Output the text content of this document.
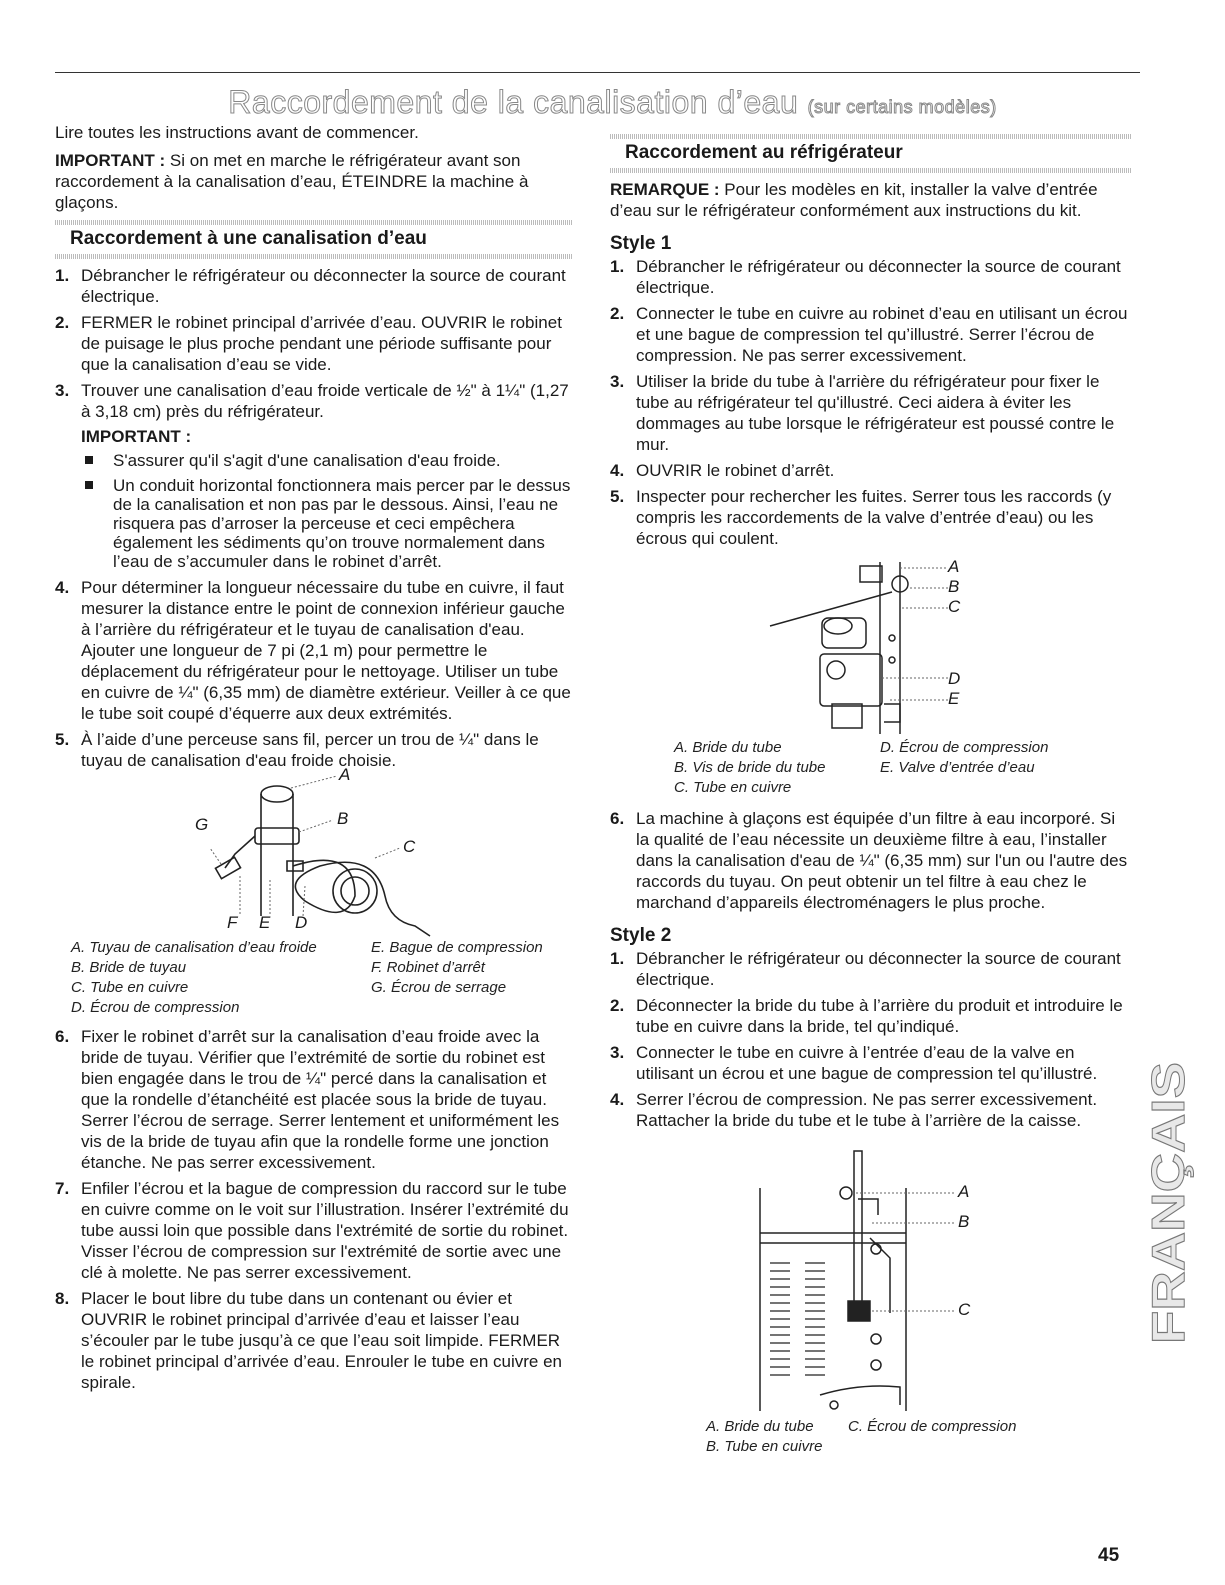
Raccordement de la canalisation d’eau (sur certains modèles)

Lire toutes les instructions avant de commencer.

IMPORTANT : Si on met en marche le réfrigérateur avant son raccordement à la canalisation d’eau, ÉTEINDRE la machine à glaçons.

Raccordement à une canalisation d’eau
1. Débrancher le réfrigérateur ou déconnecter la source de courant électrique.
2. FERMER le robinet principal d’arrivée d’eau. OUVRIR le robinet de puisage le plus proche pendant une période suffisante pour que la canalisation d’eau se vide.
3. Trouver une canalisation d’eau froide verticale de ½" à 1¼" (1,27 à 3,18 cm) près du réfrigérateur.
IMPORTANT :
S'assurer qu'il s'agit d'une canalisation d'eau froide.
Un conduit horizontal fonctionnera mais percer par le dessus de la canalisation et non pas par le dessous. Ainsi, l’eau ne risquera pas d’arroser la perceuse et ceci empêchera également les sédiments qu’on trouve normalement dans l’eau de s’accumuler dans le robinet d’arrêt.
4. Pour déterminer la longueur nécessaire du tube en cuivre, il faut mesurer la distance entre le point de connexion inférieur gauche à l’arrière du réfrigérateur et le tuyau de canalisation d'eau. Ajouter une longueur de 7 pi (2,1 m) pour permettre le déplacement du réfrigérateur pour le nettoyage. Utiliser un tube en cuivre de ¼" (6,35 mm) de diamètre extérieur. Veiller à ce que le tube soit coupé d’équerre aux deux extrémités.
5. À l’aide d’une perceuse sans fil, percer un trou de ¼" dans le tuyau de canalisation d'eau froide choisie.
A
B
C
G
F E D
A. Tuyau de canalisation d’eau froide	E. Bague de compression
B. Bride de tuyau	F. Robinet d’arrêt
C. Tube en cuivre	G. Écrou de serrage
D. Écrou de compression	
6. Fixer le robinet d’arrêt sur la canalisation d’eau froide avec la bride de tuyau. Vérifier que l’extrémité de sortie du robinet est bien engagée dans le trou de ¼" percé dans la canalisation et que la rondelle d’étanchéité est placée sous la bride de tuyau. Serrer l’écrou de serrage. Serrer lentement et uniformément les vis de la bride de tuyau afin que la rondelle forme une jonction étanche. Ne pas serrer excessivement.
7. Enfiler l’écrou et la bague de compression du raccord sur le tube en cuivre comme on le voit sur l’illustration. Insérer l’extrémité du tube aussi loin que possible dans l'extrémité de sortie du robinet. Visser l’écrou de compression sur l'extrémité de sortie avec une clé à molette. Ne pas serrer excessivement.
8. Placer le bout libre du tube dans un contenant ou évier et OUVRIR le robinet principal d’arrivée d’eau et laisser l’eau s’écouler par le tube jusqu’à ce que l’eau soit limpide. FERMER le robinet principal d’arrivée d’eau. Enrouler le tube en cuivre en spirale.
Raccordement au réfrigérateur

REMARQUE : Pour les modèles en kit, installer la valve d’entrée d’eau sur le réfrigérateur conformément aux instructions du kit.

Style 1
1. Débrancher le réfrigérateur ou déconnecter la source de courant électrique.
2. Connecter le tube en cuivre au robinet d’eau en utilisant un écrou et une bague de compression tel qu’illustré. Serrer l’écrou de compression. Ne pas serrer excessivement.
3. Utiliser la bride du tube à l'arrière du réfrigérateur pour fixer le tube au réfrigérateur tel qu'illustré. Ceci aidera à éviter les dommages au tube lorsque le réfrigérateur est poussé contre le mur.
4. OUVRIR le robinet d’arrêt.
5. Inspecter pour rechercher les fuites. Serrer tous les raccords (y compris les raccordements de la valve d’entrée d’eau) ou les écrous qui coulent.
A
B
C
D
E
A. Bride du tube	D. Écrou de compression
B. Vis de bride du tube	E. Valve d’entrée d’eau
C. Tube en cuivre	
6. La machine à glaçons est équipée d’un filtre à eau incorporé. Si la qualité de l’eau nécessite un deuxième filtre à eau, l’installer dans la canalisation d'eau de ¼" (6,35 mm) sur l'un ou l'autre des raccords du tuyau. On peut obtenir un tel filtre à eau chez le marchand d’appareils électroménagers le plus proche.
Style 2
1. Débrancher le réfrigérateur ou déconnecter la source de courant électrique.
2. Déconnecter la bride du tube à l’arrière du produit et introduire le tube en cuivre dans la bride, tel qu’indiqué.
3. Connecter le tube en cuivre à l’entrée d’eau de la valve en utilisant un écrou et une bague de compression tel qu’illustré.
4. Serrer l’écrou de compression. Ne pas serrer excessivement. Rattacher la bride du tube et le tube à l’arrière de la caisse.
A
B
C
A. Bride du tube	C. Écrou de compression
B. Tube en cuivre	
FRANÇAIS
45
